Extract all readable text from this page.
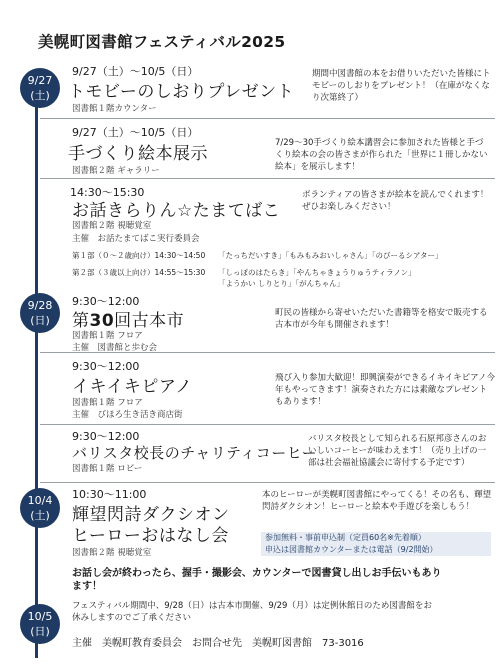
美幌町図書館フェスティバル2025
9/27
(土)
9/28
(日)
10/4
(土)
10/5
(日)
9/27（土）〜10/5（日）
トモビーのしおりプレゼント
図書館１階カウンター
期間中図書館の本をお借りいただいた皆様にトモビーのしおりをプレゼント！（在庫がなくなり次第終了）
9/27（土）〜10/5（日）
手づくり絵本展示
図書館２階 ギャラリー
7/29〜30手づくり絵本講習会に参加された皆様と手づくり絵本の会の皆さまが作られた「世界に１冊しかない絵本」を展示します！
14:30〜15:30
お話きらりん☆たまてばこ
図書館２階 視聴覚室
主催　お話たまてばこ実行委員会
ボランティアの皆さまが絵本を読んでくれます！ぜひお楽しみください！
第１部（０〜２歳向け）14:30〜14:50 「たっちだいすき」「もみもみおいしゃさん」「のびーるシアター」
第２部（３歳以上向け）14:55〜15:30 「しっぽのはたらき」「やんちゃきょうりゅうティラノン」
「ようかい しりとり」「がんちゃん」
9:30〜12:00
第30回古本市
図書館１階 フロア
主催　図書館と歩む会
町民の皆様から寄せいただいた書籍等を格安で販売する古本市が今年も開催されます！
9:30〜12:00
イキイキピアノ
図書館１階 フロア
主催　びほろ生き活き商店街
飛び入り参加大歓迎！即興演奏ができるイキイキピアノ今年もやってきます！演奏された方には素敵なプレゼントもあります！
9:30〜12:00
バリスタ校長のチャリティコーヒー
図書館１階 ロビー
バリスタ校長として知られる石原邦彦さんのおいしいコーヒーが味わえます！（売り上げの一部は社会福祉協議会に寄付する予定です）
10:30〜11:00
輝望閃詩ダクシオン
ヒーローおはなし会
図書館２階 視聴覚室
本のヒーローが美幌町図書館にやってくる！その名も、輝望閃詩ダクシオン！ヒーローと絵本や手遊びを楽しもう！
お話し会が終わったら、握手・撮影会、カウンターで図書貸し出しお手伝いもあり
ます！
参加無料・事前申込制（定員60名※先着順）
申込は図書館カウンターまたは電話（9/2開始）
フェスティバル期間中、9/28（日）は古本市開催、9/29（月）は定例休館日のため図書館をお
休みしますのでご了承ください
主催　美幌町教育委員会　お問合せ先　美幌町図書館　73-3016
